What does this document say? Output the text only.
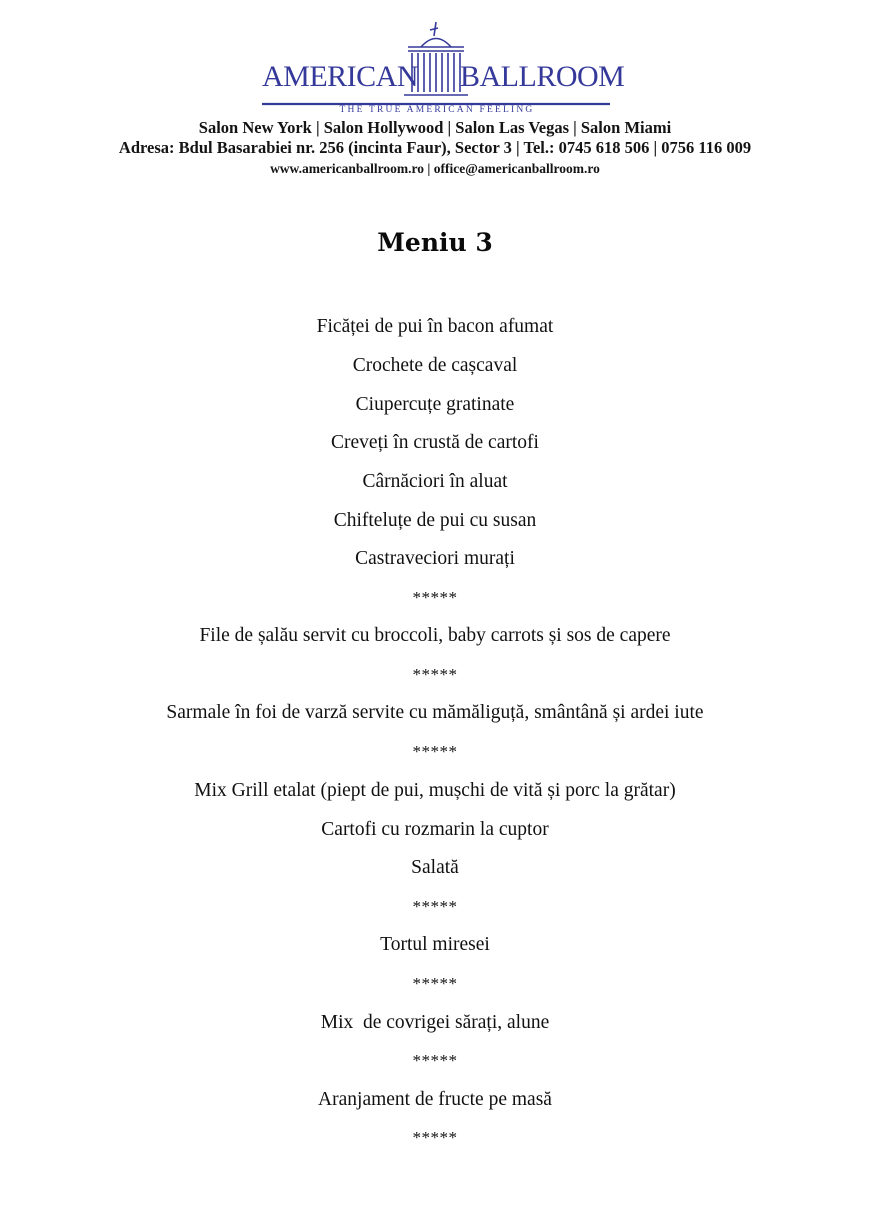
AMERICAN BALLROOM
THE TRUE AMERICAN FEELING
Salon New York | Salon Hollywood | Salon Las Vegas | Salon Miami
Adresa: Bdul Basarabiei nr. 256 (incinta Faur), Sector 3 | Tel.: 0745 618 506 | 0756 116 009
www.americanballroom.ro | office@americanballroom.ro
Meniu 3
Ficăței de pui în bacon afumat
Crochete de cașcaval
Ciupercuțe gratinate
Creveți în crustă de cartofi
Cârnăciori în aluat
Chifteluțe de pui cu susan
Castraveciori murați
*****
File de șalău servit cu broccoli, baby carrots și sos de capere
*****
Sarmale în foi de varză servite cu mămăliguță, smântână și ardei iute
*****
Mix Grill etalat (piept de pui, mușchi de vită și porc la grătar)
Cartofi cu rozmarin la cuptor
Salată
*****
Tortul miresei
*****
Mix  de covrigei sărați, alune
*****
Aranjament de fructe pe masă
*****
